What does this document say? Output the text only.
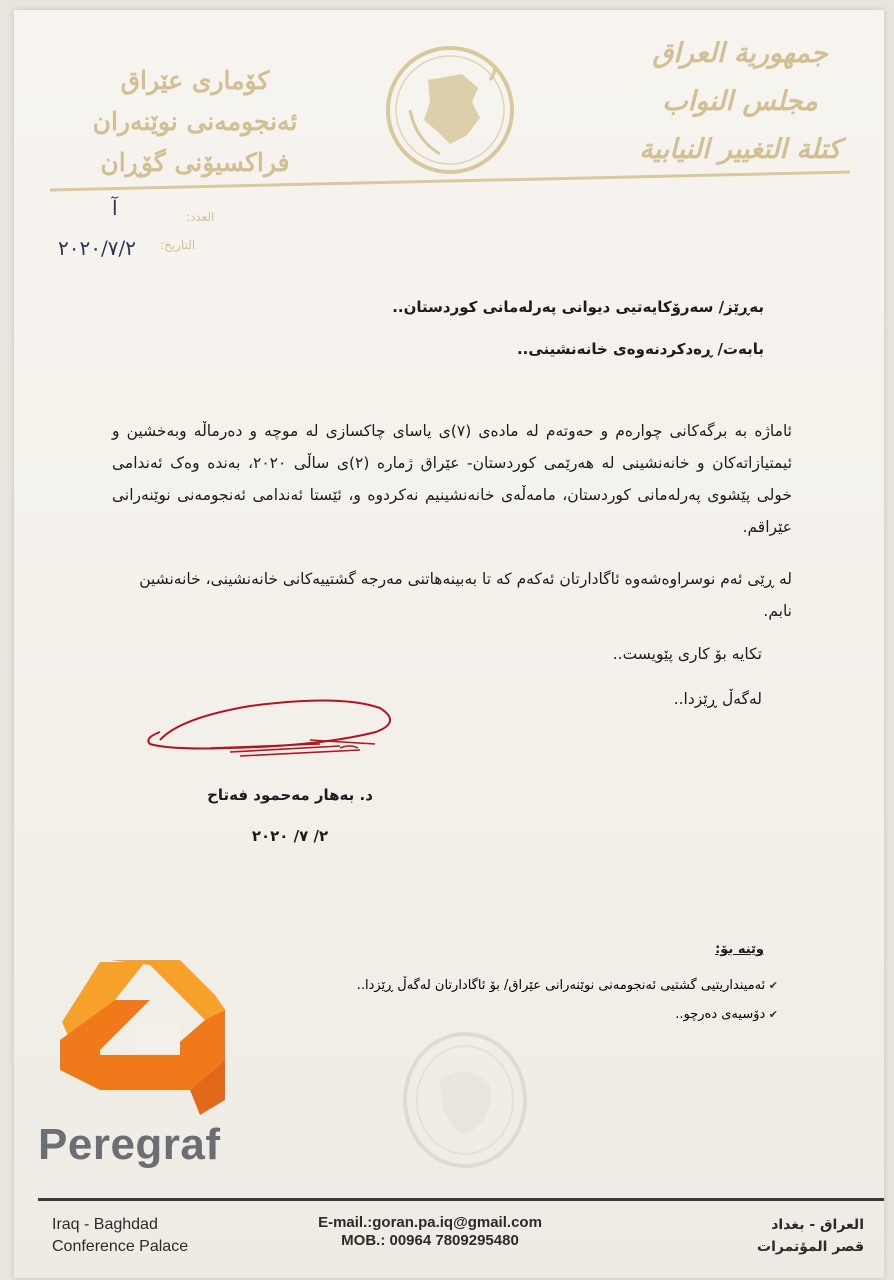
کۆماری عێراق
ئەنجومەنی نوێنەران
فراکسیۆنی گۆڕان
جمهورية العراق
مجلس النواب
كتلة التغيير النيابية
العدد:
آ
التاريخ:
٢٠٢٠/٧/٢
بەڕێز/ سەرۆکایەتیی دیوانی پەرلەمانی کوردستان..
بابەت/ ڕەدکردنەوەی خانەنشینی..
ئاماژە بە برگەکانی چوارەم و حەوتەم لە مادەی (٧)ی یاسای چاکسازی لە موچە و دەرماڵە وبەخشین و ئیمتیازاتەکان و خانەنشینی لە هەرێمی کوردستان- عێراق ژمارە (٢)ی ساڵی ٢٠٢٠، بەندە وەک ئەندامی خولی پێشوی پەرلەمانی کوردستان، مامەڵەی خانەنشینیم نەکردوە و، ئێستا ئەندامی ئەنجومەنی نوێنەرانی عێراقم.
لە ڕێی ئەم نوسراوەشەوە ئاگادارتان ئەکەم کە تا بەبینەهاتنی مەرجە گشتییەکانی خانەنشینی، خانەنشین نابم.
تکایە بۆ کاری پێویست..
لەگەڵ ڕێزدا..
د. بەهار مەحمود فەتاح
٢/ ٧/ ٢٠٢٠
وێنە بۆ:
✔ ئەمینداریتیی گشتیی ئەنجومەنی نوێنەرانی عێراق/ بۆ ئاگادارتان لەگەڵ ڕێزدا..
✔ دۆسیەی دەرچو..
Peregraf
Iraq - Baghdad
Conference Palace
E-mail.:goran.pa.iq@gmail.com
MOB.: 00964 7809295480
العراق - بغداد
قصر المؤتمرات
